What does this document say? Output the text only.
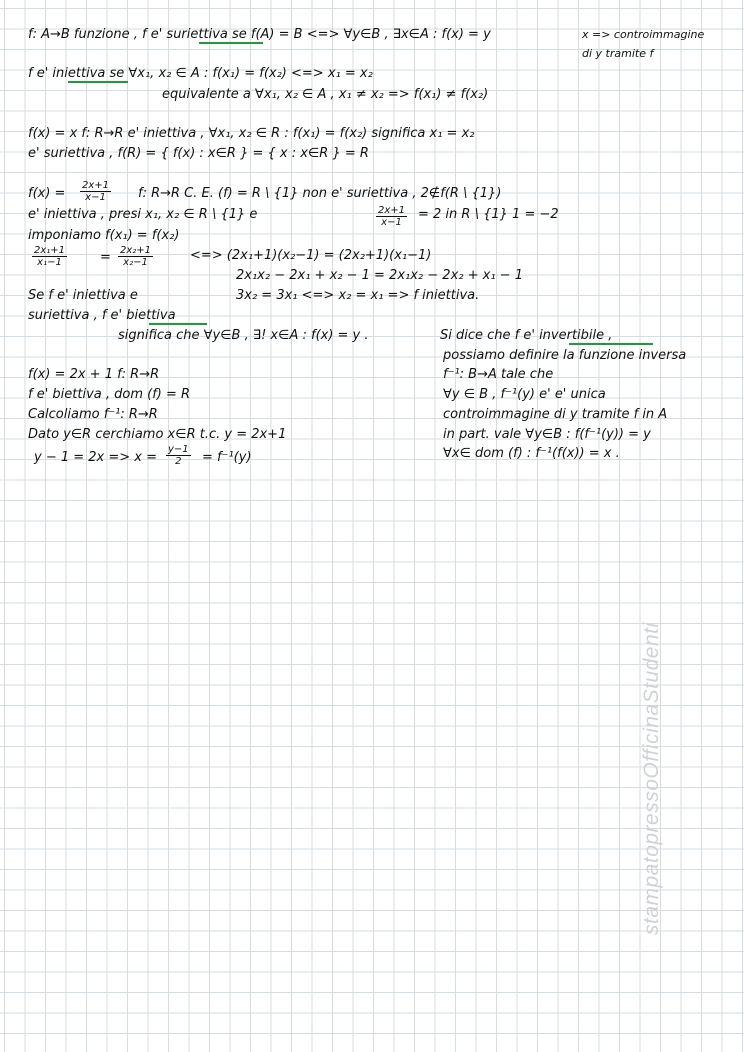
f: A→B funzione , f e' suriettiva se f(A) = B <=> ∀y∈B , ∃x∈A : f(x) = y	x => controimmagine
di y tramite f
f e' iniettiva se ∀x₁, x₂ ∈ A : f(x₁) = f(x₂) <=> x₁ = x₂
equivalente a ∀x₁, x₂ ∈ A , x₁ ≠ x₂ => f(x₁) ≠ f(x₂)
f(x) = x f: R→R e' iniettiva , ∀x₁, x₂ ∈ R : f(x₁) = f(x₂) significa x₁ = x₂
e' suriettiva , f(R) = { f(x) : x∈R } = { x : x∈R } = R
$f(x) = \frac{2x+1}{x-1} f$: R→R C. E. (f) = R \ {1} non e' suriettiva , 2∉f(R \ {1})
e' iniettiva , presi x₁, x₂ ∈ R \ {1} e	$\frac{2x+1}{x-1} = 2$ in R \ {1} 1 = −2
imponiamo f(x₁) = f(x₂)
$\frac{\text{2x₁+1}}{\text{x₁−1}}$	= $\frac{\text{2x₂+1}}{\text{x₂−1}}$	<=> (2x₁+1)(x₂−1) = (2x₂+1)(x₁−1)
2x₁x₂ − 2x₁ + x₂ − 1 = 2x₁x₂ − 2x₂ + x₁ − 1
Se f e' iniettiva e	3x₂ = 3x₁ <=> x₂ = x₁ => f iniettiva.
suriettiva , f e' biettiva
significa che ∀y∈B , ∃! x∈A : f(x) = y .	Si dice che f e' invertibile ,
possiamo definire la funzione inversa
f⁻¹: B→A tale che
∀y ∈ B , f⁻¹(y) e' e' unica
controimmagine di y tramite f in A
in part. vale ∀y∈B : f(f⁻¹(y)) = y
∀x∈ dom (f) : f⁻¹(f(x)) = x .
f(x) = 2x + 1 f: R→R
f e' biettiva , dom (f) = R
Calcoliamo f⁻¹: R→R
Dato y∈R cerchiamo x∈R t.c. y = 2x+1
$y - 1 = 2x => x = \frac{y-1}{2} = f^{-1}(y)$
stampatopressoOfficinaStudenti
